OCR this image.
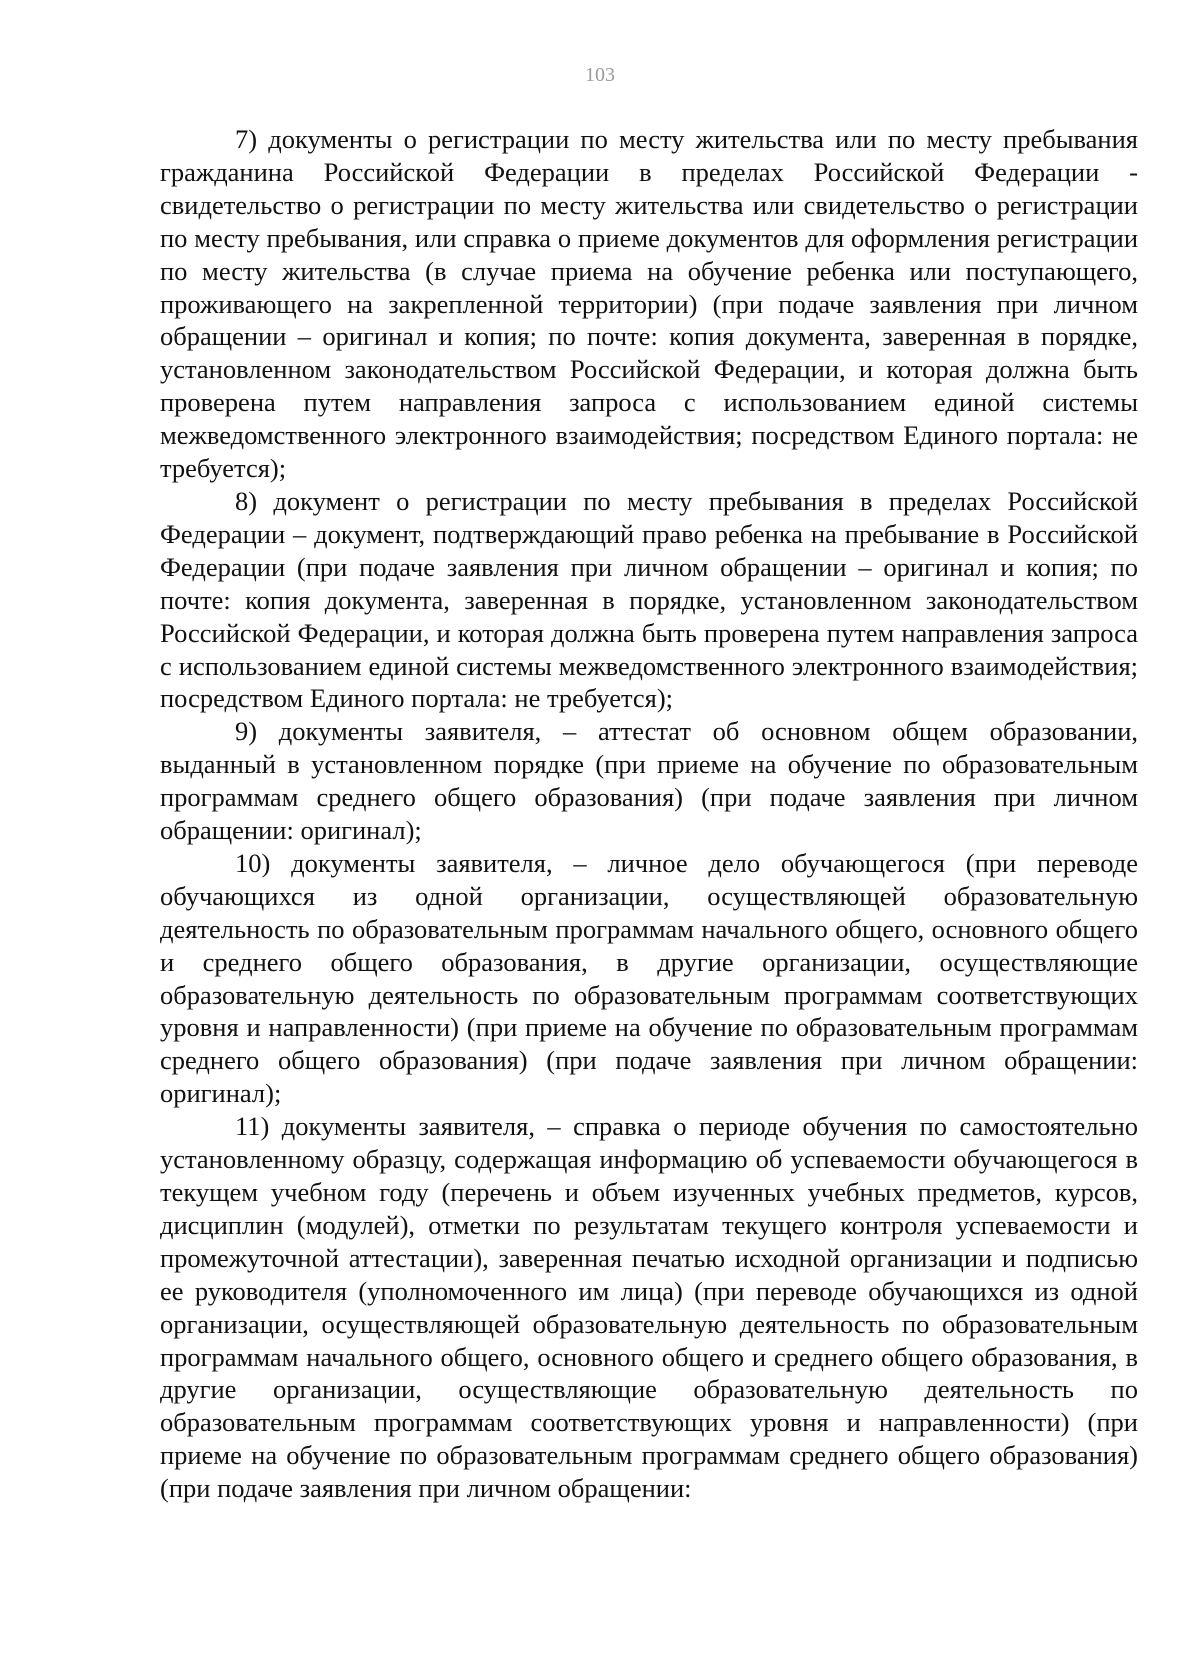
103

7) документы о регистрации по месту жительства или по месту пребывания гражданина Российской Федерации в пределах Российской Федерации - свидетельство о регистрации по месту жительства или свидетельство о регистрации по месту пребывания, или справка о приеме документов для оформления регистрации по месту жительства (в случае приема на обучение ребенка или поступающего, проживающего на закрепленной территории) (при подаче заявления при личном обращении – оригинал и копия; по почте: копия документа, заверенная в порядке, установленном законодательством Российской Федерации, и которая должна быть проверена путем направления запроса с использованием единой системы межведомственного электронного взаимодействия; посредством Единого портала: не требуется);

8) документ о регистрации по месту пребывания в пределах Российской Федерации – документ, подтверждающий право ребенка на пребывание в Российской Федерации (при подаче заявления при личном обращении – оригинал и копия; по почте: копия документа, заверенная в порядке, установленном законодательством Российской Федерации, и которая должна быть проверена путем направления запроса с использованием единой системы межведомственного электронного взаимодействия; посредством Единого портала: не требуется);

9) документы заявителя, – аттестат об основном общем образовании, выданный в установленном порядке (при приеме на обучение по образовательным программам среднего общего образования) (при подаче заявления при личном обращении: оригинал);

10) документы заявителя, – личное дело обучающегося (при переводе обучающихся из одной организации, осуществляющей образовательную деятельность по образовательным программам начального общего, основного общего и среднего общего образования, в другие организации, осуществляющие образовательную деятельность по образовательным программам соответствующих уровня и направленности) (при приеме на обучение по образовательным программам среднего общего образования) (при подаче заявления при личном обращении: оригинал);

11) документы заявителя, – справка о периоде обучения по самостоятельно установленному образцу, содержащая информацию об успеваемости обучающегося в текущем учебном году (перечень и объем изученных учебных предметов, курсов, дисциплин (модулей), отметки по результатам текущего контроля успеваемости и промежуточной аттестации), заверенная печатью исходной организации и подписью ее руководителя (уполномоченного им лица) (при переводе обучающихся из одной организации, осуществляющей образовательную деятельность по образовательным программам начального общего, основного общего и среднего общего образования, в другие организации, осуществляющие образовательную деятельность по образовательным программам соответствующих уровня и направленности) (при приеме на обучение по образовательным программам среднего общего образования) (при подаче заявления при личном обращении:
